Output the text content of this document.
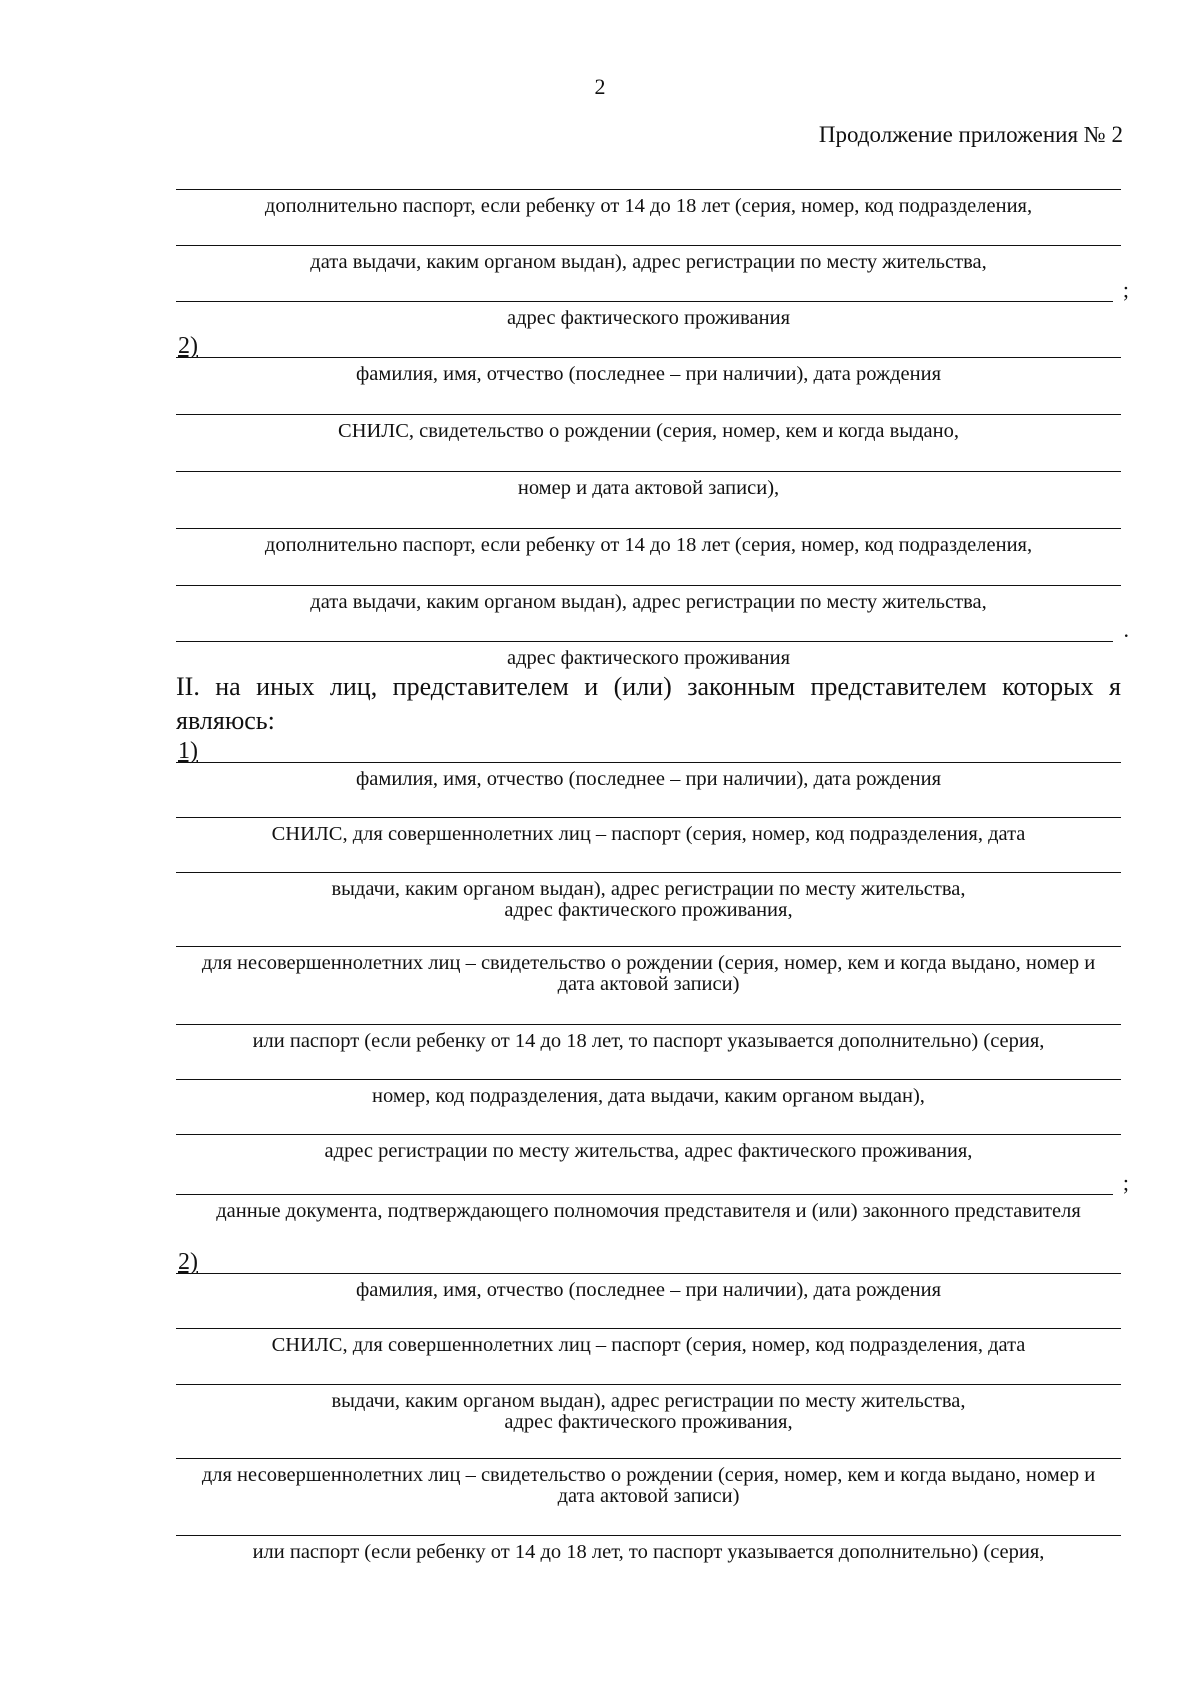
2
Продолжение приложения № 2
дополнительно паспорт, если ребенку от 14 до 18 лет (серия, номер, код подразделения,
дата выдачи, каким органом выдан), адрес регистрации по месту жительства,
;
адрес фактического проживания
2)
фамилия, имя, отчество (последнее – при наличии), дата рождения
СНИЛС, свидетельство о рождении (серия, номер, кем и когда выдано,
номер и дата актовой записи),
дополнительно паспорт, если ребенку от 14 до 18 лет (серия, номер, код подразделения,
дата выдачи, каким органом выдан), адрес регистрации по месту жительства,
.
адрес фактического проживания
II. на иных лиц, представителем и (или) законным представителем которых я являюсь:
1)
фамилия, имя, отчество (последнее – при наличии), дата рождения
СНИЛС, для совершеннолетних лиц – паспорт (серия, номер, код подразделения, дата
выдачи, каким органом выдан), адрес регистрации по месту жительства, адрес фактического проживания,
для несовершеннолетних лиц – свидетельство о рождении (серия, номер, кем и когда выдано, номер и дата актовой записи)
или паспорт (если ребенку от 14 до 18 лет, то паспорт указывается дополнительно) (серия,
номер, код подразделения, дата выдачи, каким органом выдан),
адрес регистрации по месту жительства, адрес фактического проживания,
;
данные документа, подтверждающего полномочия представителя и (или) законного представителя
2)
фамилия, имя, отчество (последнее – при наличии), дата рождения
СНИЛС, для совершеннолетних лиц – паспорт (серия, номер, код подразделения, дата
выдачи, каким органом выдан), адрес регистрации по месту жительства, адрес фактического проживания,
для несовершеннолетних лиц – свидетельство о рождении (серия, номер, кем и когда выдано, номер и дата актовой записи)
или паспорт (если ребенку от 14 до 18 лет, то паспорт указывается дополнительно) (серия,
